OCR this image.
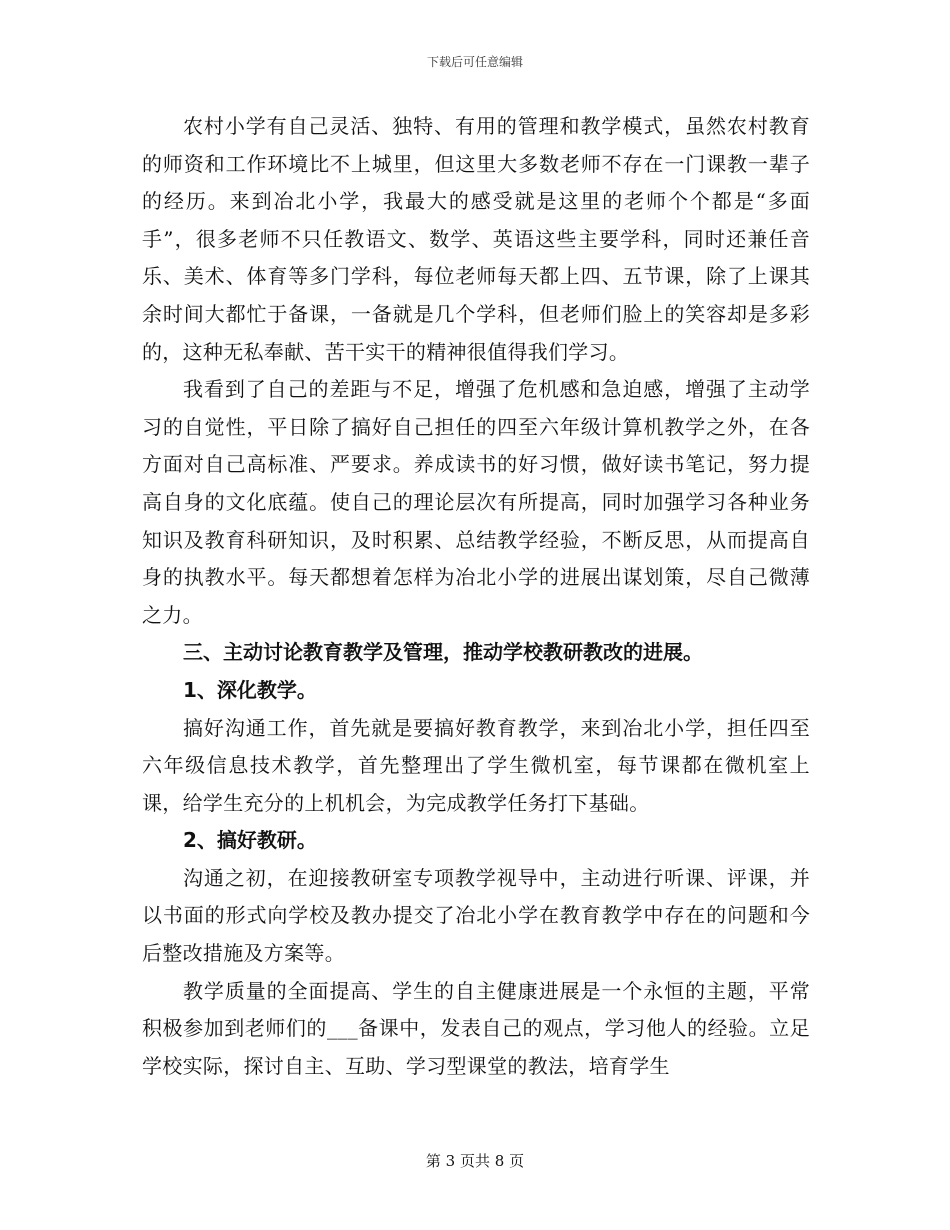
下载后可任意编辑

农村小学有自己灵活、独特、有用的管理和教学模式，虽然农村教育的师资和工作环境比不上城里，但这里大多数老师不存在一门课教一辈子的经历。来到冶北小学，我最大的感受就是这里的老师个个都是“多面手”，很多老师不只任教语文、数学、英语这些主要学科，同时还兼任音乐、美术、体育等多门学科，每位老师每天都上四、五节课，除了上课其余时间大都忙于备课，一备就是几个学科，但老师们脸上的笑容却是多彩的，这种无私奉献、苦干实干的精神很值得我们学习。

我看到了自己的差距与不足，增强了危机感和急迫感，增强了主动学习的自觉性，平日除了搞好自己担任的四至六年级计算机教学之外，在各方面对自己高标准、严要求。养成读书的好习惯，做好读书笔记，努力提高自身的文化底蕴。使自己的理论层次有所提高，同时加强学习各种业务知识及教育科研知识，及时积累、总结教学经验，不断反思，从而提高自身的执教水平。每天都想着怎样为冶北小学的进展出谋划策，尽自己微薄之力。

三、主动讨论教育教学及管理，推动学校教研教改的进展。

1、深化教学。

搞好沟通工作，首先就是要搞好教育教学，来到冶北小学，担任四至六年级信息技术教学，首先整理出了学生微机室，每节课都在微机室上课，给学生充分的上机机会，为完成教学任务打下基础。

2、搞好教研。

沟通之初，在迎接教研室专项教学视导中，主动进行听课、评课，并以书面的形式向学校及教办提交了冶北小学在教育教学中存在的问题和今后整改措施及方案等。

教学质量的全面提高、学生的自主健康进展是一个永恒的主题，平常积极参加到老师们的___备课中，发表自己的观点，学习他人的经验。立足学校实际，探讨自主、互助、学习型课堂的教法，培育学生

第 3 页共 8 页
